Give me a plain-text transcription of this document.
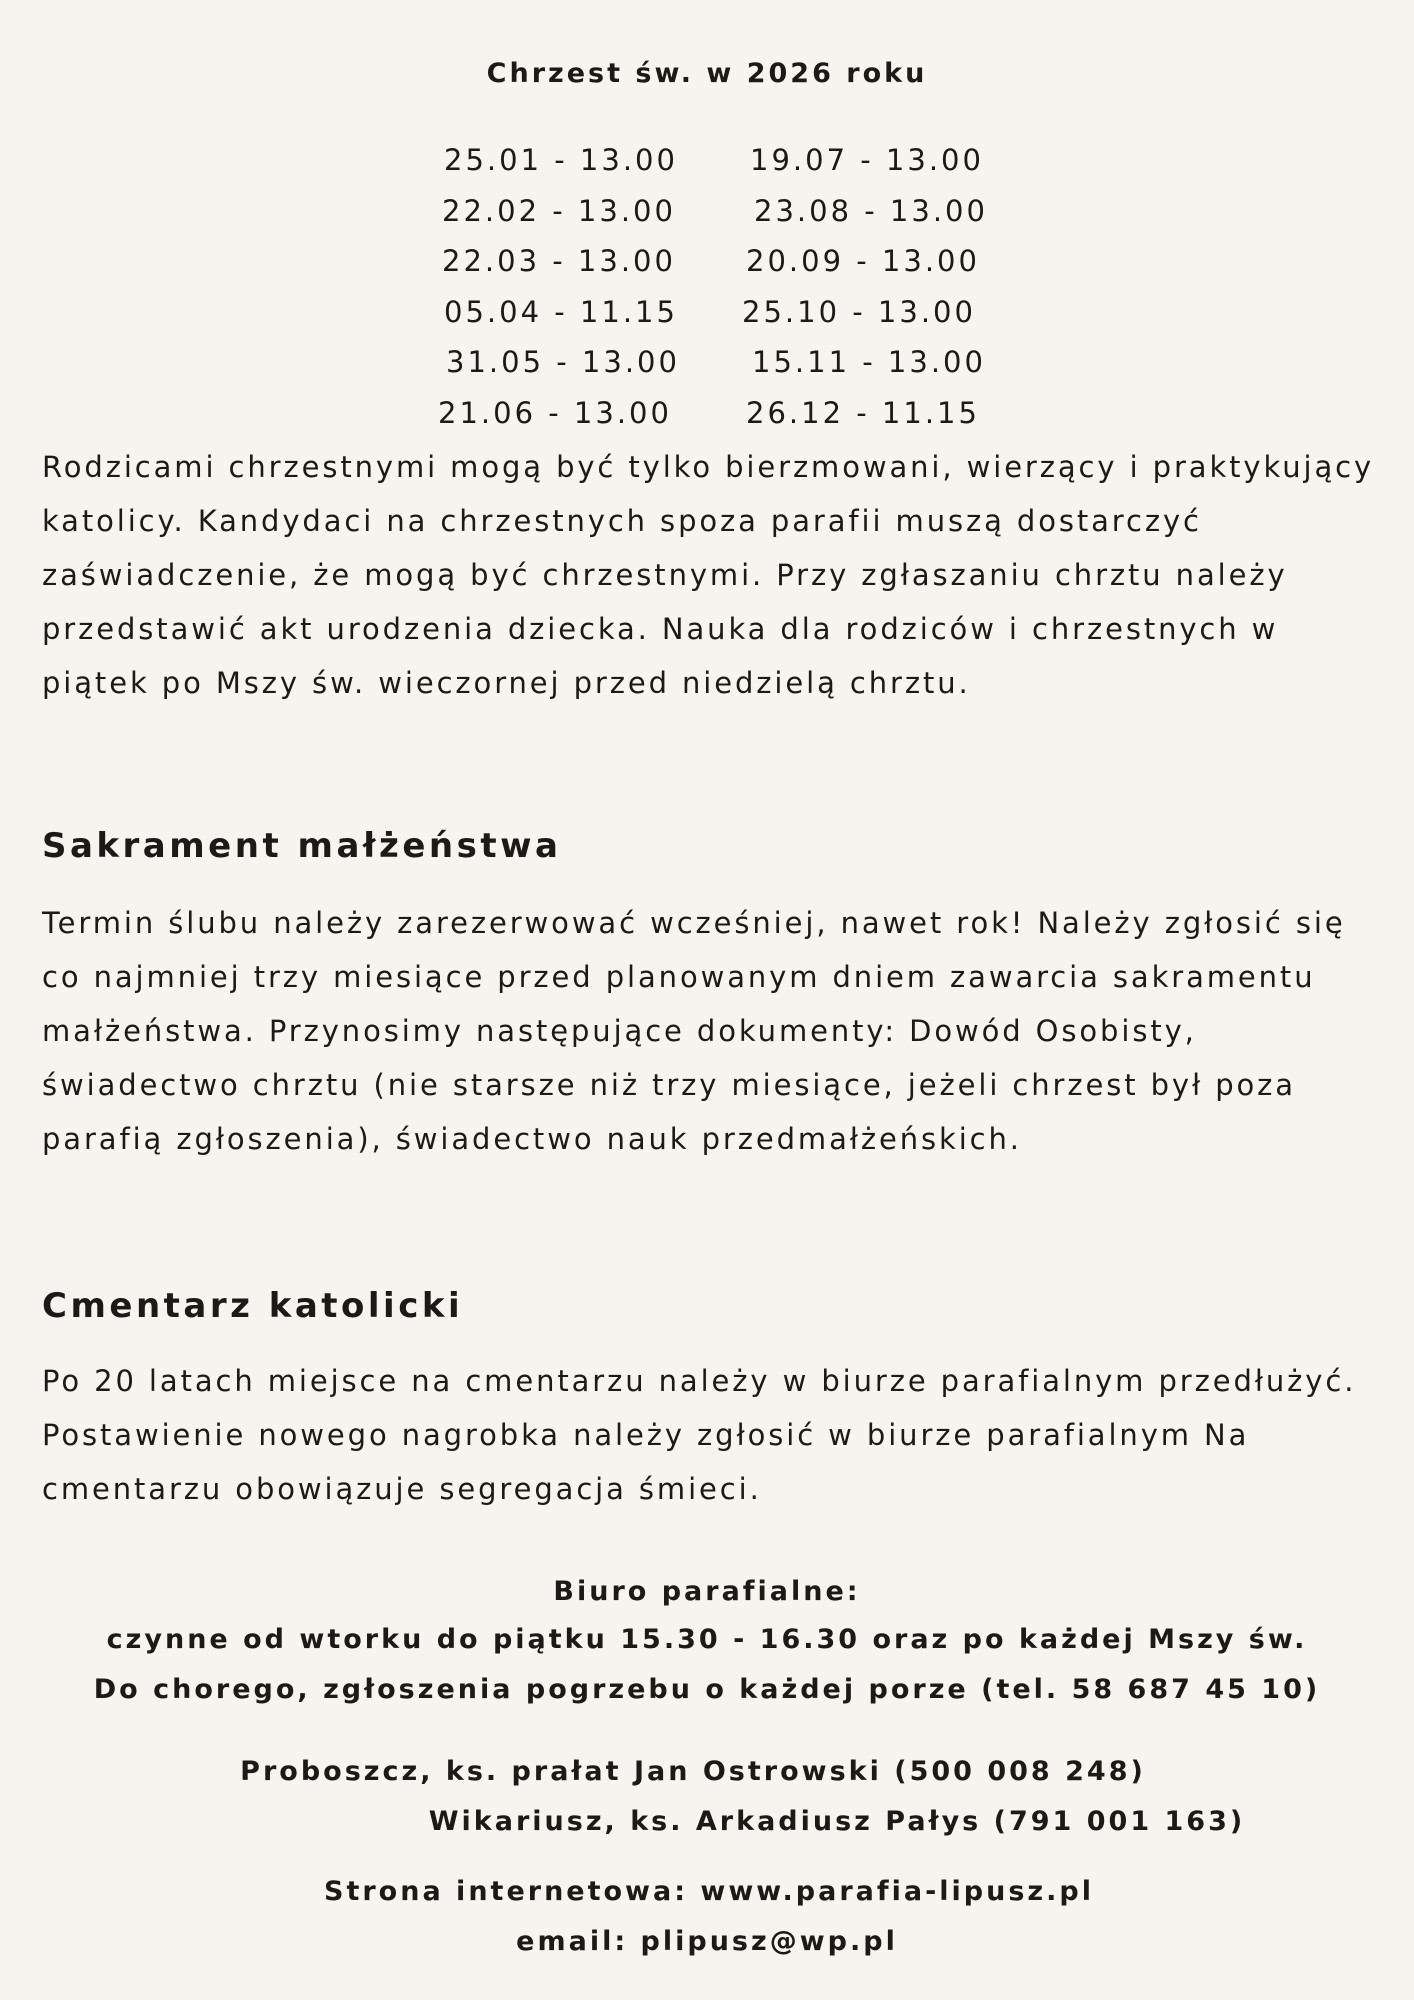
Chrzest św. w 2026 roku
25.01 - 13.00 19.07 - 13.00
22.02 - 13.00	23.08 - 13.00
22.03 - 13.00 20.09 - 13.00
05.04 - 11.15 25.10 - 13.00
31.05 - 13.00 15.11 - 13.00
21.06 - 13.00	26.12 - 11.15
Rodzicami chrzestnymi mogą być tylko bierzmowani, wierzący i praktykujący katolicy. Kandydaci na chrzestnych spoza parafii muszą dostarczyć zaświadczenie, że mogą być chrzestnymi. Przy zgłaszaniu chrztu należy przedstawić akt urodzenia dziecka. Nauka dla rodziców i chrzestnych w piątek po Mszy św. wieczornej przed niedzielą chrztu.
Sakrament małżeństwa
Termin ślubu należy zarezerwować wcześniej, nawet rok! Należy zgłosić się co najmniej trzy miesiące przed planowanym dniem zawarcia sakramentu małżeństwa. Przynosimy następujące dokumenty: Dowód Osobisty, świadectwo chrztu (nie starsze niż trzy miesiące, jeżeli chrzest był poza parafią zgłoszenia), świadectwo nauk przedmałżeńskich.
Cmentarz katolicki
Po 20 latach miejsce na cmentarzu należy w biurze parafialnym przedłużyć. Postawienie nowego nagrobka należy zgłosić w biurze parafialnym Na cmentarzu obowiązuje segregacja śmieci.
Biuro parafialne:
czynne od wtorku do piątku 15.30 - 16.30 oraz po każdej Mszy św.
Do chorego, zgłoszenia pogrzebu o każdej porze (tel. 58 687 45 10)
Proboszcz, ks. prałat Jan Ostrowski (500 008 248)
Wikariusz, ks. Arkadiusz Pałys (791 001 163)
Strona internetowa: www.parafia-lipusz.pl
email: plipusz@wp.pl
